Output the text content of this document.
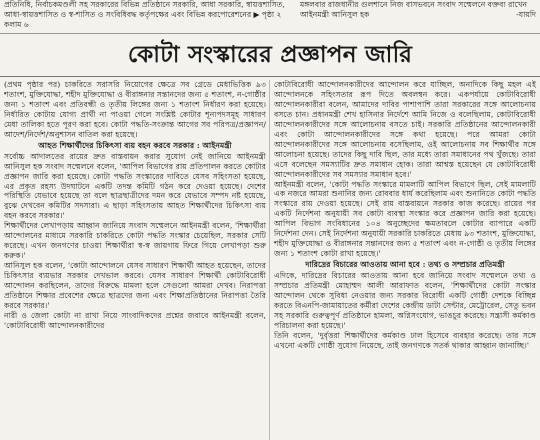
প্রতিনিধি, নির্বাচকমণ্ডলী সহ সরকারের বিভিন্ন প্রতিষ্ঠানে সরকারি, আধা সরকারি, স্বায়ত্তশাসিত, আধা-স্বায়ত্তশাসিত ও স্ব-শাসিত ও সংবিধিবদ্ধ কর্তৃপক্ষের এবং বিভিন্ন করপোরেশনের ▶ পৃষ্ঠা ২ কলাম ৬
মঙ্গলবার রাজধানীর গুলশানে নিজ বাসভবনে সংবাদ সম্মেলনে বক্তব্য রাখেন আইনমন্ত্রী আনিসুল হক	-যায়দি
কোটা সংস্কারের প্রজ্ঞাপন জারি

(প্রথম পৃষ্ঠার পর) চাকরিতে সরাসরি নিয়োগের ক্ষেত্রে সব গ্রেডে মেধাভিত্তিক ৯৩ শতাংশ, মুক্তিযোদ্ধা, শহীদ মুক্তিযোদ্ধা ও বীরাঙ্গনার সন্তানদের জন্য ৫ শতাংশ, ন-গোষ্ঠীর জন্য ১ শতাংশ এবং প্রতিবন্ধী ও তৃতীয় লিঙ্গের জন্য ১ শতাংশ নির্ধারণ করা হয়েছে। নির্ধারিত কোটায় যোগ্য প্রার্থী না পাওয়া গেলে সংশ্লিষ্ট কোটার শূন্যপদসমূহ সাধারণ মেধা তালিকা হতে পূরণ করা হবে। কোটা পদ্ধতি-সংক্রান্ত আগের সব পরিপত্র/প্রজ্ঞাপন/আদেশ/নির্দেশ/অনুশাসন বাতিল করা হয়েছে।

আহত শিক্ষার্থীদের চিকিৎসা ব্যয় বহন করবে সরকার : আইনমন্ত্রী

সর্বোচ্চ আদালতের রায়ের দ্রুত বাস্তবায়ন করার সুযোগ নেই জানিয়ে আইনমন্ত্রী আনিসুল হক সংবাদ সম্মেলনে বলেন, 'আপিল বিভাগের রায় প্রতিপালন করতে কোটার প্রজ্ঞাপন জারি করা হয়েছে। কোটা পদ্ধতি সংস্কারের দাবিতে যেসব সহিংসতা হয়েছে, এর প্রকৃত রহস্য উদঘাটনে একটি তদন্ত কমিটি গঠন করে দেওয়া হয়েছে। দেশের পরিস্থিতি যেভাবে হয়েছে তা বলে ছাত্রছাত্রীদের দমন করে যেভাবে সম্পদ নষ্ট হয়েছে, বুঝে দেখবেন কমিটির সদস্যরা। এ ছাড়া সহিংসতায় আহত শিক্ষার্থীদের চিকিৎসা ব্যয় বহন করবে সরকার।'

শিক্ষার্থীদের লেখাপড়ায় আহ্বান জানিয়ে সংবাদ সম্মেলনে আইনমন্ত্রী বলেন, 'শিক্ষার্থীরা আন্দোলনের মাধ্যমে সরকারি চাকরিতে কোটা পদ্ধতি সংস্কার চেয়েছিল, সরকার সেটি করেছে। এখন জনগণের চাওয়া শিক্ষার্থীরা স্ব-স্ব জায়গায় ফিরে গিয়ে লেখাপড়া শুরু করুক।'

আনিসুল হক বলেন, 'কোটা আন্দোলনে যেসব সাধারণ শিক্ষার্থী আহত হয়েছেন, তাদের চিকিৎসার ব্যয়ভার সরকার দেখভাল করবে। যেসব সাধারণ শিক্ষার্থী কোটাবিরোধী আন্দোলন করছিলেন, তাদের বিরুদ্ধে মামলা হলে সেগুলো আমরা দেখব। নিরাপত্তা প্রতিষ্ঠানে শিক্ষার প্রবেশের ক্ষেত্রে ছাত্রদের জন্য এবং শিক্ষাপ্রতিষ্ঠানের নিরাপত্তা তৈরি করবে সরকার।'

নারী ও জেলা কোটা না রাখা নিয়ে সাংবাদিকদের প্রশ্নের জবাবে আইনমন্ত্রী বলেন, 'কোটাবিরোধী আন্দোলনকারীদের

কোটাবিরোধী আন্দোলনকারীদের আন্দোলন করে যাচ্ছিল, অনাদিকে কিছু মহল এই আন্দোলনকে সহিংসতার রূপ দিতে অবলম্বন করে। একপর্যায়ে কোটাবিরোধী আন্দোলনকারীরা বলেন, আমাদের দাবির পাশাপাশি তারা সরকারের সঙ্গে আলোচনায় বসতে চান। প্রধানমন্ত্রী শেখ হাসিনার নির্দেশে আমি নিজে ও বলেছিলাম, কোটাবিরোধী আন্দোলনকারীদের সঙ্গে আলোচনায় বসতে চাই। সরকারি প্রতিষ্ঠানের আন্দোলনকারী এবং কোটা আন্দোলনকারীদের সঙ্গে কথা হয়েছে। পরে আমরা কোটা আন্দোলনকারীদের সঙ্গে আলোচনায় বসেছিলাম, ওই আলোচনায় সব শিক্ষার্থীর সঙ্গে আলোচনা হয়েছে। তাদের কিছু দাবি ছিল, তার মধ্যে তারা সমাধানের পথ খুঁজছে। তারা এসে বলেছেন সমস্যাটির দ্রুত সমাধান হোক। তারা আশ্বস্ত হয়েছেন যে কোটাবিরোধী আন্দোলনকারীদের সব সমস্যার সমাধান হবে।'

আইনমন্ত্রী বলেন, 'কোটা পদ্ধতি সংস্কারে মামলাটি আপিল বিভাগে ছিল, সেই মামলাটি এক নজরে আমরা শুনানির জন্য রোববার ধার্য করেছিলাম এবং শুনানিতে কোটা পদ্ধতি সংস্কারে রায় দেওয়া হয়েছে। সেই রায় বাস্তবায়নে সরকার কাজ করেছে। রায়ের পর একটি নির্দেশনা অনুযায়ী সব কোটা ব্যবস্থা সংস্কার করে প্রজ্ঞাপন জারি করা হয়েছে। আপিল বিভাগ সংবিধানের ১০৪ অনুচ্ছেদের ক্ষমতাবলে কোটার ব্যাপারে একটি নির্দেশনা দেন। সেই নির্দেশনা অনুযায়ী সরকারি চাকরিতে মেধায় ৯৩ শতাংশ, মুক্তিযোদ্ধা, শহীদ মুক্তিযোদ্ধা ও বীরাঙ্গনার সন্তানদের জন্য ৫ শতাংশ এবং ন-গোষ্ঠী ও তৃতীয় লিঙ্গের জন্য ১ শতাংশ কোটা রাখা হয়েছে।'

দারিদ্রের বিচারের আওতায় আনা হবে : তথ্য ও সম্প্রচার প্রতিমন্ত্রী

এদিকে, দারিদ্রের বিচারের আওতায় আনা হবে জানিয়ে সংবাদ সম্মেলনে তথ্য ও সম্প্রচার প্রতিমন্ত্রী মোহাম্মদ আলী আরাফাত বলেন, 'শিক্ষার্থীদের কোটা সংস্কার আন্দোলন থেকে সুবিধা নেওয়ার জন্য সরকার বিরোধী একটি গোষ্ঠী দেশকে বিচ্ছিন্ন করতে বিএনপি-জামায়াতের কর্মীরা দেশের কেন্দ্রীয় ডাটা সেন্টার, মেট্রোরেল, সেতু ভবন সহ সরকারি গুরুত্বপূর্ণ প্রতিষ্ঠানে হামলা, অগ্নিসংযোগ, ভাঙচুর করেছে। সন্ত্রাসী কর্মকাণ্ড পরিচালনা করা হয়েছে।'

তিনি বলেন, 'দুর্বৃত্তরা শিক্ষার্থীদের কর্মকাণ্ড ঢাল হিসেবে ব্যবহার করেছে। তার সঙ্গে এখনো একটি গোষ্ঠী সুযোগ নিয়েছে, তাই জনগণকে সতর্ক থাকার আহ্বান জানাচ্ছি।'
